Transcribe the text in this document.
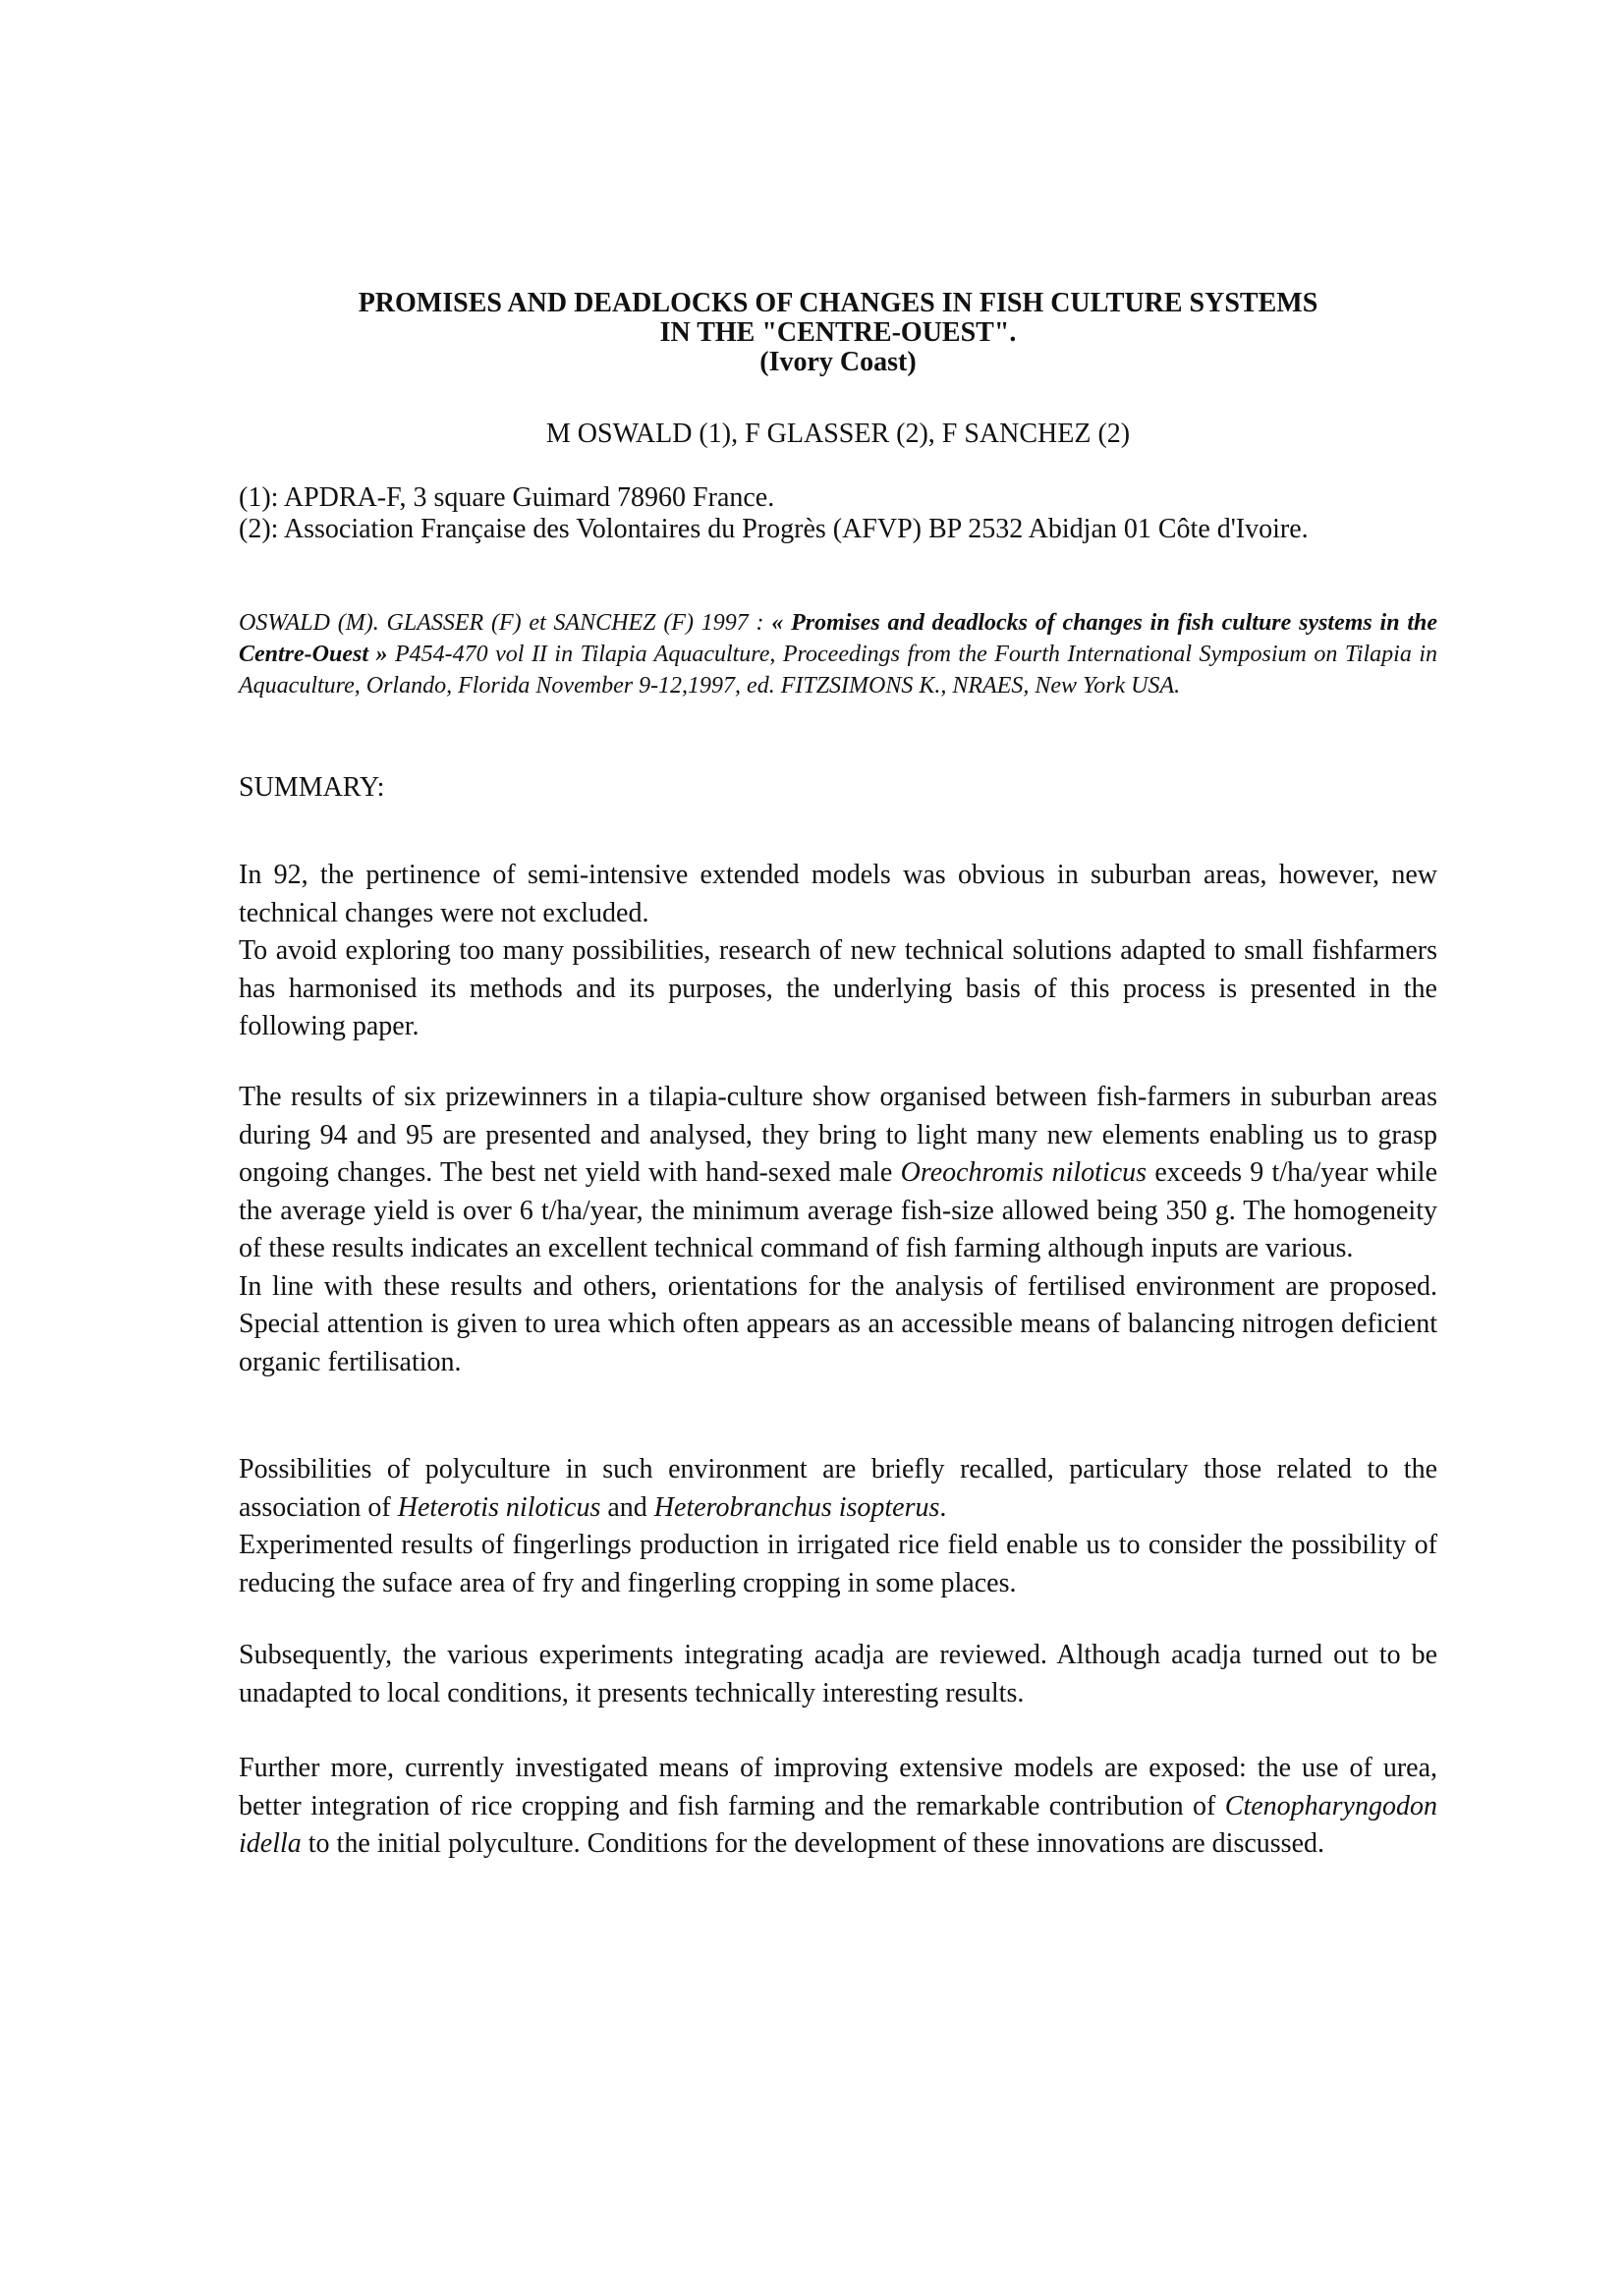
PROMISES AND DEADLOCKS OF CHANGES IN FISH CULTURE SYSTEMS
IN THE "CENTRE-OUEST".
(Ivory Coast)
M OSWALD (1), F GLASSER (2), F SANCHEZ (2)
(1): APDRA-F, 3 square Guimard 78960 France.
(2): Association Française des Volontaires du Progrès (AFVP) BP 2532 Abidjan 01 Côte d'Ivoire.
OSWALD (M). GLASSER (F) et SANCHEZ (F) 1997 : « Promises and deadlocks of changes in fish culture systems in the Centre-Ouest » P454-470 vol II in Tilapia Aquaculture, Proceedings from the Fourth International Symposium on Tilapia in Aquaculture, Orlando, Florida November 9-12,1997, ed. FITZSIMONS K., NRAES, New York USA.
SUMMARY:

In 92, the pertinence of semi-intensive extended models was obvious in suburban areas, however, new technical changes were not excluded.

To avoid exploring too many possibilities, research of new technical solutions adapted to small fishfarmers has harmonised its methods and its purposes, the underlying basis of this process is presented in the following paper.

The results of six prizewinners in a tilapia-culture show organised between fish-farmers in suburban areas during 94 and 95 are presented and analysed, they bring to light many new elements enabling us to grasp ongoing changes. The best net yield with hand-sexed male Oreochromis niloticus exceeds 9 t/ha/year while the average yield is over 6 t/ha/year, the minimum average fish-size allowed being 350 g. The homogeneity of these results indicates an excellent technical command of fish farming although inputs are various.

In line with these results and others, orientations for the analysis of fertilised environment are proposed. Special attention is given to urea which often appears as an accessible means of balancing nitrogen deficient organic fertilisation.

Possibilities of polyculture in such environment are briefly recalled, particulary those related to the association of Heterotis niloticus and Heterobranchus isopterus.

Experimented results of fingerlings production in irrigated rice field enable us to consider the possibility of reducing the suface area of fry and fingerling cropping in some places.

Subsequently, the various experiments integrating acadja are reviewed. Although acadja turned out to be unadapted to local conditions, it presents technically interesting results.

Further more, currently investigated means of improving extensive models are exposed: the use of urea, better integration of rice cropping and fish farming and the remarkable contribution of Ctenopharyngodon idella to the initial polyculture. Conditions for the development of these innovations are discussed.
